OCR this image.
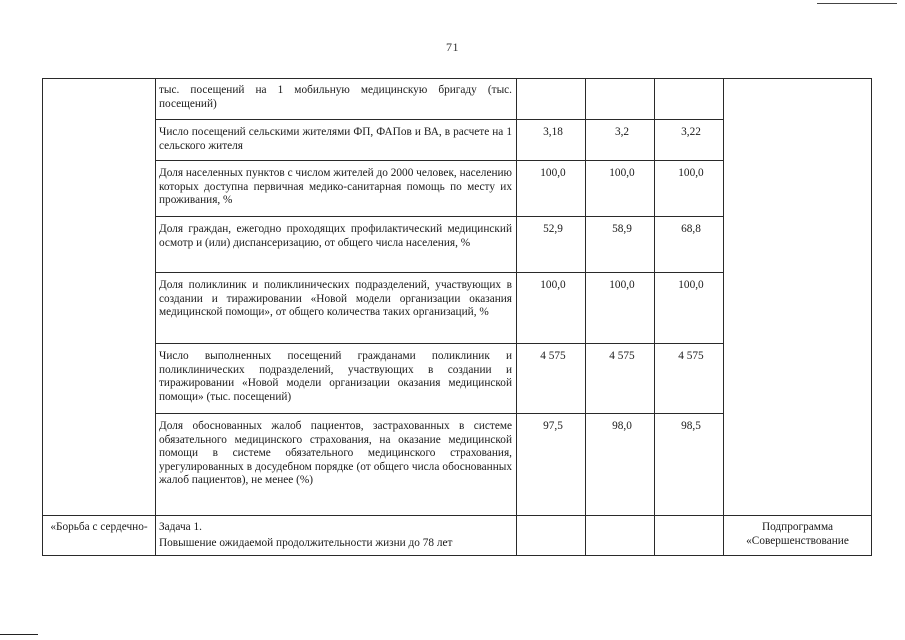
71

	тыс. посещений на 1 мобильную медицинскую бригаду (тыс. посещений)				

	Число посещений сельскими жителями ФП, ФАПов и ВА, в расчете на 1 сельского жителя	3,18	3,2	3,22	

	Доля населенных пунктов с числом жителей до 2000 человек, населению которых доступна первичная медико-санитарная помощь по месту их проживания, %	100,0	100,0	100,0	

	Доля граждан, ежегодно проходящих профилактический медицинский осмотр и (или) диспансеризацию, от общего числа населения, %	52,9	58,9	68,8	

	Доля поликлиник и поликлинических подразделений, участвующих в создании и тиражировании «Новой модели организации оказания медицинской помощи», от общего количества таких организаций, %	100,0	100,0	100,0	

	Число выполненных посещений гражданами поликлиник и поликлинических подразделений, участвующих в создании и тиражировании «Новой модели организации оказания медицинской помощи» (тыс. посещений)	4 575	4 575	4 575	

	Доля обоснованных жалоб пациентов, застрахованных в системе обязательного медицинского страхования, на оказание медицинской помощи в системе обязательного медицинского страхования, урегулированных в досудебном порядке (от общего числа обоснованных жалоб пациентов), не менее (%)	97,5	98,0	98,5	

«Борьба с сердечно-	Задача 1.
Повышение ожидаемой продолжительности жизни до 78 лет				Подпрограмма «Совершенствование
